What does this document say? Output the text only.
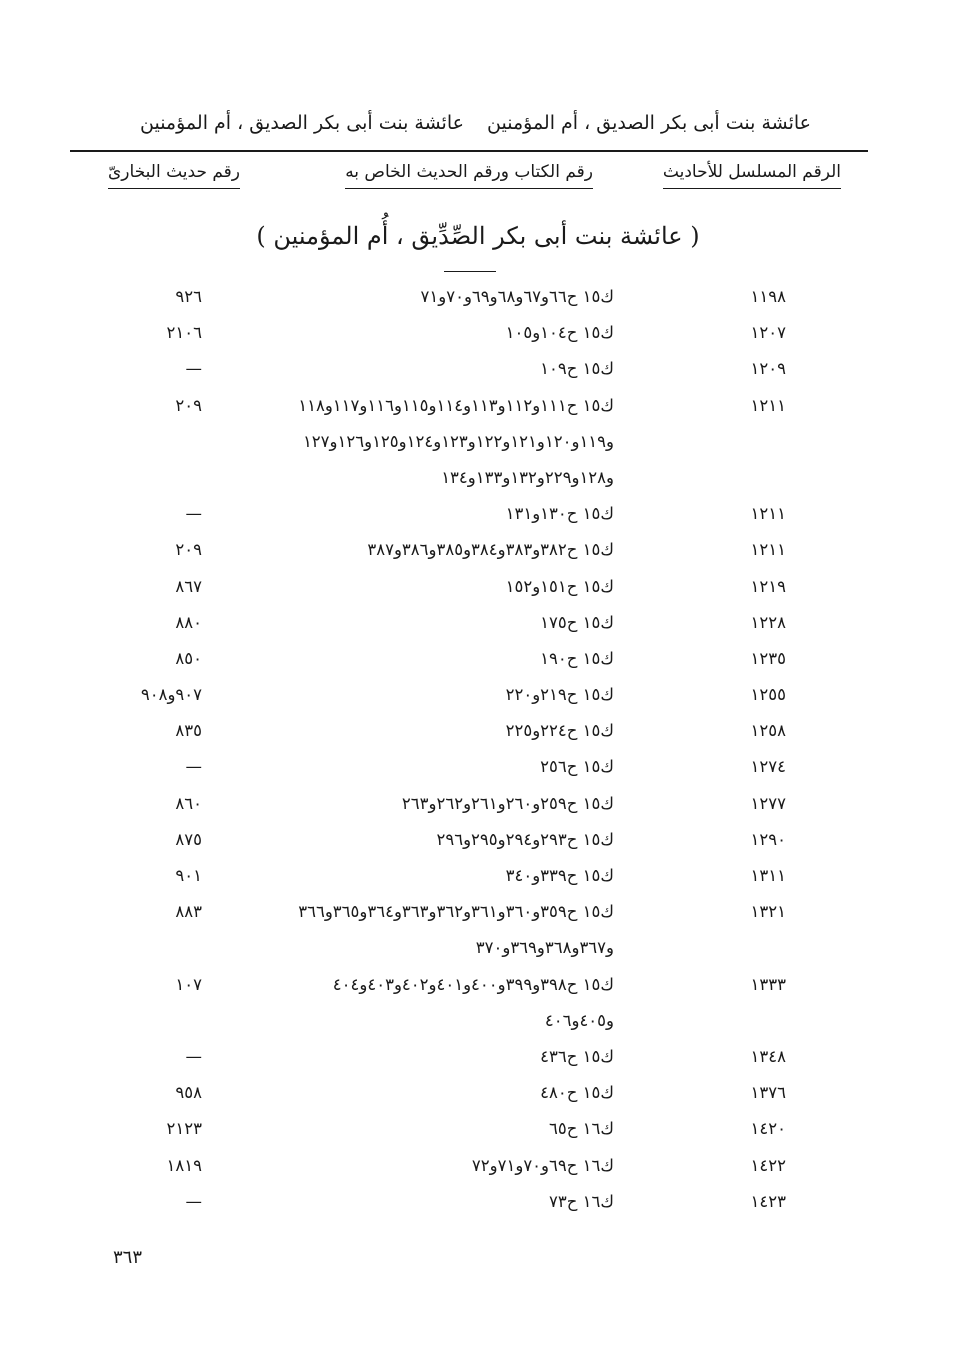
عائشة بنت أبى بكر الصديق ، أم المؤمنين
عائشة بنت أبى بكر الصديق ، أم المؤمنين
الرقم المسلسل للأحاديث
رقم الكتاب ورقم الحديث الخاص به
رقم حديث البخارىّ
( عائشة بنت أبى بكر الصِّدِّيق ، أُم المؤمنين )
١١٩٨
ك١٥ ح٦٦و٦٧و٦٨و٦٩و٧٠و٧١
٩٢٦
١٢٠٧
ك١٥ ح١٠٤و١٠٥
٢١٠٦
١٢٠٩
ك١٥ ح١٠٩
—
١٢١١
ك١٥ ح١١١و١١٢و١١٣و١١٤و١١٥و١١٦و١١٧و١١٨
٢٠٩
و١١٩و١٢٠و١٢١و١٢٢و١٢٣و١٢٤و١٢٥و١٢٦و١٢٧
و١٢٨و٢٢٩و١٣٢و١٣٣و١٣٤
١٢١١
ك١٥ ح١٣٠و١٣١
—
١٢١١
ك١٥ ح٣٨٢و٣٨٣و٣٨٤و٣٨٥و٣٨٦و٣٨٧
٢٠٩
١٢١٩
ك١٥ ح١٥١و١٥٢
٨٦٧
١٢٢٨
ك١٥ ح١٧٥
٨٨٠
١٢٣٥
ك١٥ ح١٩٠
٨٥٠
١٢٥٥
ك١٥ ح٢١٩و٢٢٠
٩٠٧و٩٠٨
١٢٥٨
ك١٥ ح٢٢٤و٢٢٥
٨٣٥
١٢٧٤
ك١٥ ح٢٥٦
—
١٢٧٧
ك١٥ ح٢٥٩و٢٦٠و٢٦١و٢٦٢و٢٦٣
٨٦٠
١٢٩٠
ك١٥ ح٢٩٣و٢٩٤و٢٩٥و٢٩٦
٨٧٥
١٣١١
ك١٥ ح٣٣٩و٣٤٠
٩٠١
١٣٢١
ك١٥ ح٣٥٩و٣٦٠و٣٦١و٣٦٢و٣٦٣و٣٦٤و٣٦٥و٣٦٦
٨٨٣
و٣٦٧و٣٦٨و٣٦٩و٣٧٠
١٣٣٣
ك١٥ ح٣٩٨و٣٩٩و٤٠٠و٤٠١و٤٠٢و٤٠٣و٤٠٤
١٠٧
و٤٠٥و٤٠٦
١٣٤٨
ك١٥ ح٤٣٦
—
١٣٧٦
ك١٥ ح٤٨٠
٩٥٨
١٤٢٠
ك١٦ ح٦٥
٢١٢٣
١٤٢٢
ك١٦ ح٦٩و٧٠و٧١و٧٢
١٨١٩
١٤٢٣
ك١٦ ح٧٣
—
٣٦٣
